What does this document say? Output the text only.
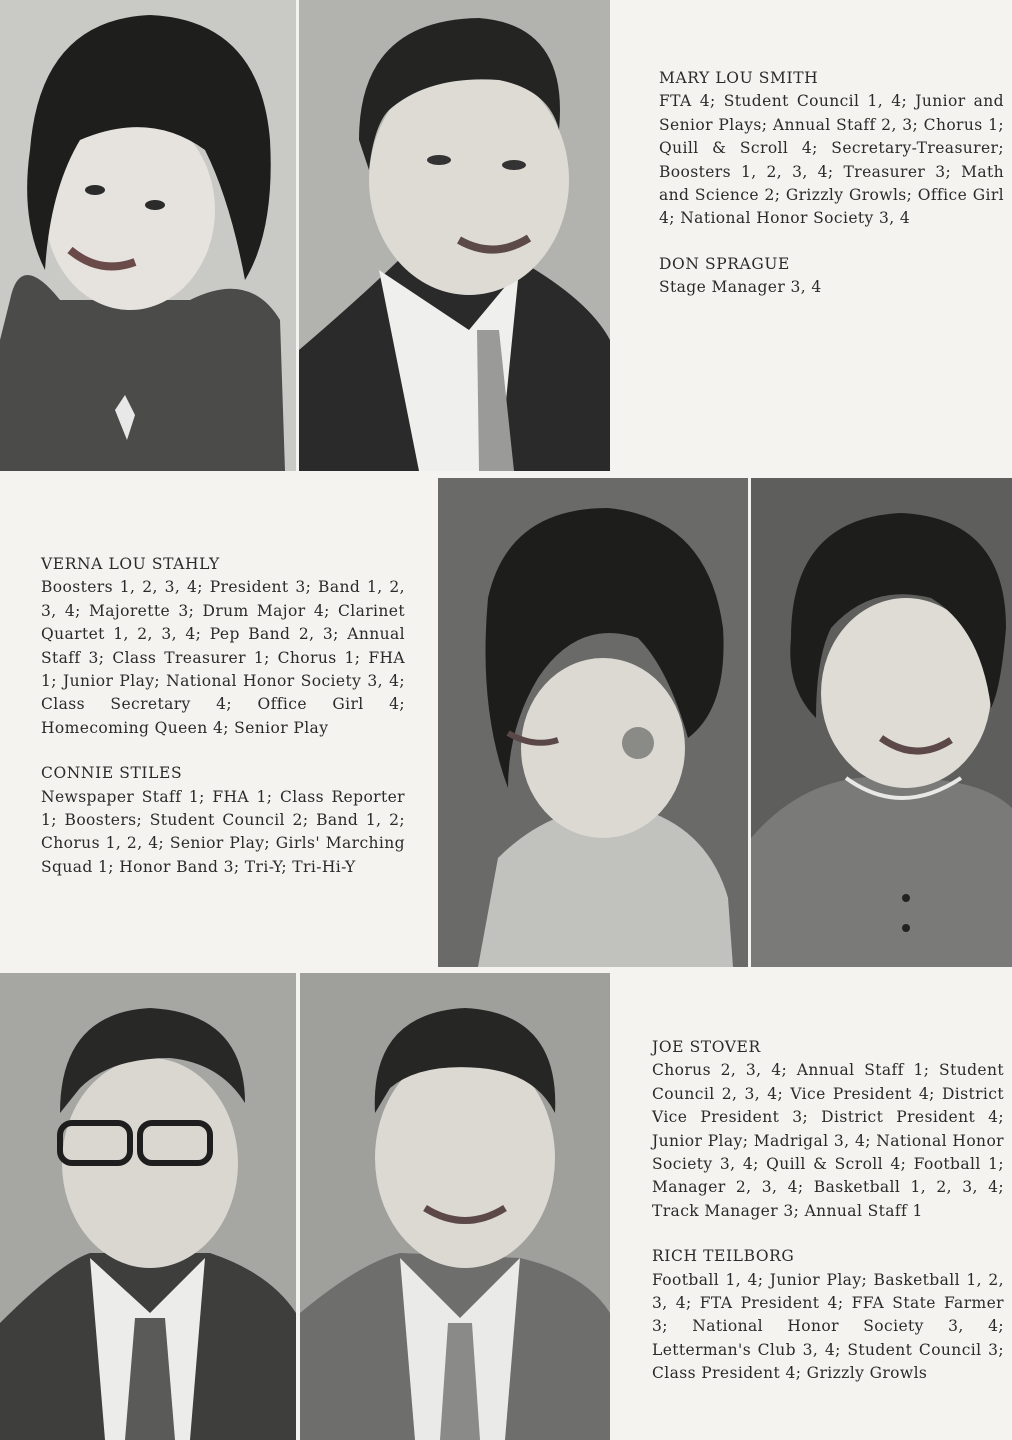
MARY LOU SMITH
FTA 4; Student Council 1, 4; Junior and Senior Plays; Annual Staff 2, 3; Chorus 1; Quill & Scroll 4; Secretary-Treasurer; Boosters 1, 2, 3, 4; Treasurer 3; Math and Science 2; Grizzly Growls; Office Girl 4; National Honor Society 3, 4
DON SPRAGUE
Stage Manager 3, 4
VERNA LOU STAHLY
Boosters 1, 2, 3, 4; President 3; Band 1, 2, 3, 4; Majorette 3; Drum Major 4; Clarinet Quartet 1, 2, 3, 4; Pep Band 2, 3; Annual Staff 3; Class Treasurer 1; Chorus 1; FHA 1; Junior Play; National Honor Society 3, 4; Class Secretary 4; Office Girl 4; Homecoming Queen 4; Senior Play
CONNIE STILES
Newspaper Staff 1; FHA 1; Class Reporter 1; Boosters; Student Council 2; Band 1, 2; Chorus 1, 2, 4; Senior Play; Girls' Marching Squad 1; Honor Band 3; Tri-Y; Tri-Hi-Y
JOE STOVER
Chorus 2, 3, 4; Annual Staff 1; Student Council 2, 3, 4; Vice President 4; District Vice President 3; District President 4; Junior Play; Madrigal 3, 4; National Honor Society 3, 4; Quill & Scroll 4; Football 1; Manager 2, 3, 4; Basketball 1, 2, 3, 4; Track Manager 3; Annual Staff 1
RICH TEILBORG
Football 1, 4; Junior Play; Basketball 1, 2, 3, 4; FTA President 4; FFA State Farmer 3; National Honor Society 3, 4; Letterman's Club 3, 4; Student Council 3; Class President 4; Grizzly Growls
